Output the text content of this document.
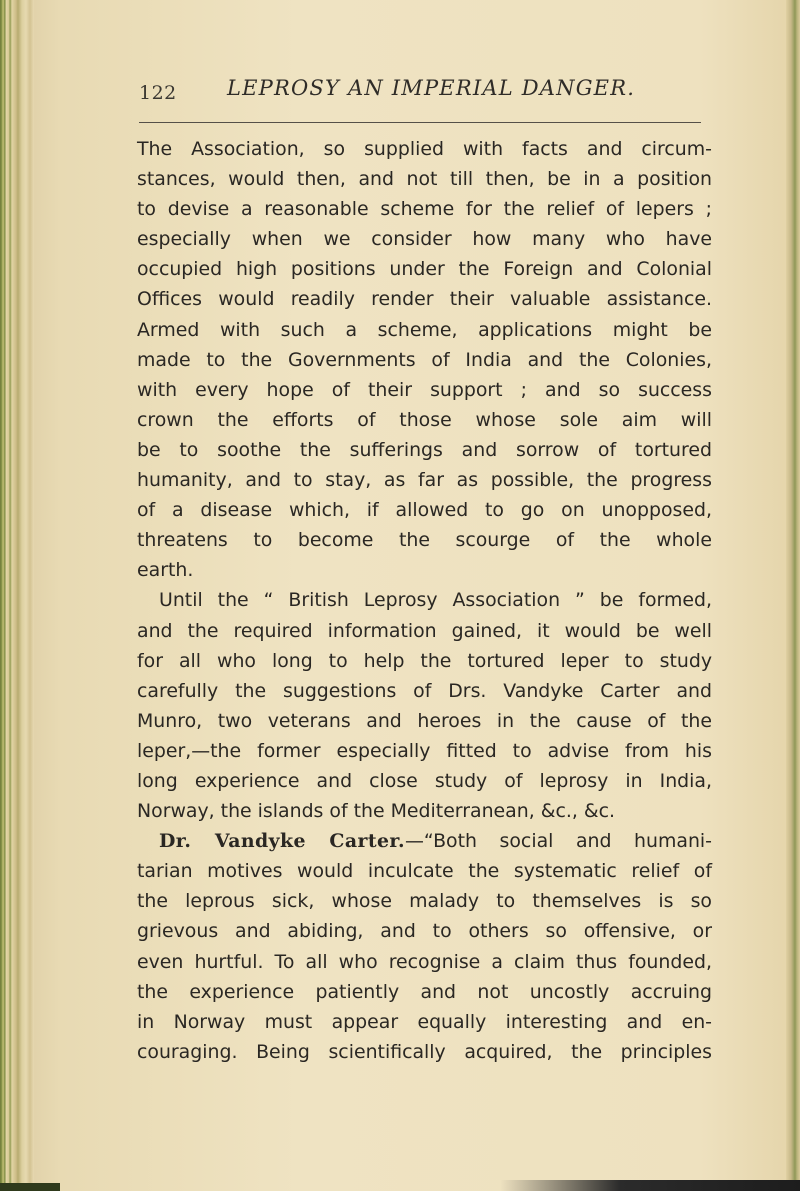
122 LEPROSY AN IMPERIAL DANGER.
The Association, so supplied with facts and circum-
stances, would then, and not till then, be in a position
to devise a reasonable scheme for the relief of lepers ;
especially when we consider how many who have
occupied high positions under the Foreign and Colonial
Offices would readily render their valuable assistance.
Armed with such a scheme, applications might be
made to the Governments of India and the Colonies,
with every hope of their support ; and so success
crown the efforts of those whose sole aim will
be to soothe the sufferings and sorrow of tortured
humanity, and to stay, as far as possible, the progress
of a disease which, if allowed to go on unopposed,
threatens to become the scourge of the whole
earth.
Until the “ British Leprosy Association ” be formed,
and the required information gained, it would be well
for all who long to help the tortured leper to study
carefully the suggestions of Drs. Vandyke Carter and
Munro, two veterans and heroes in the cause of the
leper,—the former especially fitted to advise from his
long experience and close study of leprosy in India,
Norway, the islands of the Mediterranean, &c., &c.
Dr. Vandyke Carter.—“Both social and humani-
tarian motives would inculcate the systematic relief of
the leprous sick, whose malady to themselves is so
grievous and abiding, and to others so offensive, or
even hurtful. To all who recognise a claim thus founded,
the experience patiently and not uncostly accruing
in Norway must appear equally interesting and en-
couraging. Being scientifically acquired, the principles
